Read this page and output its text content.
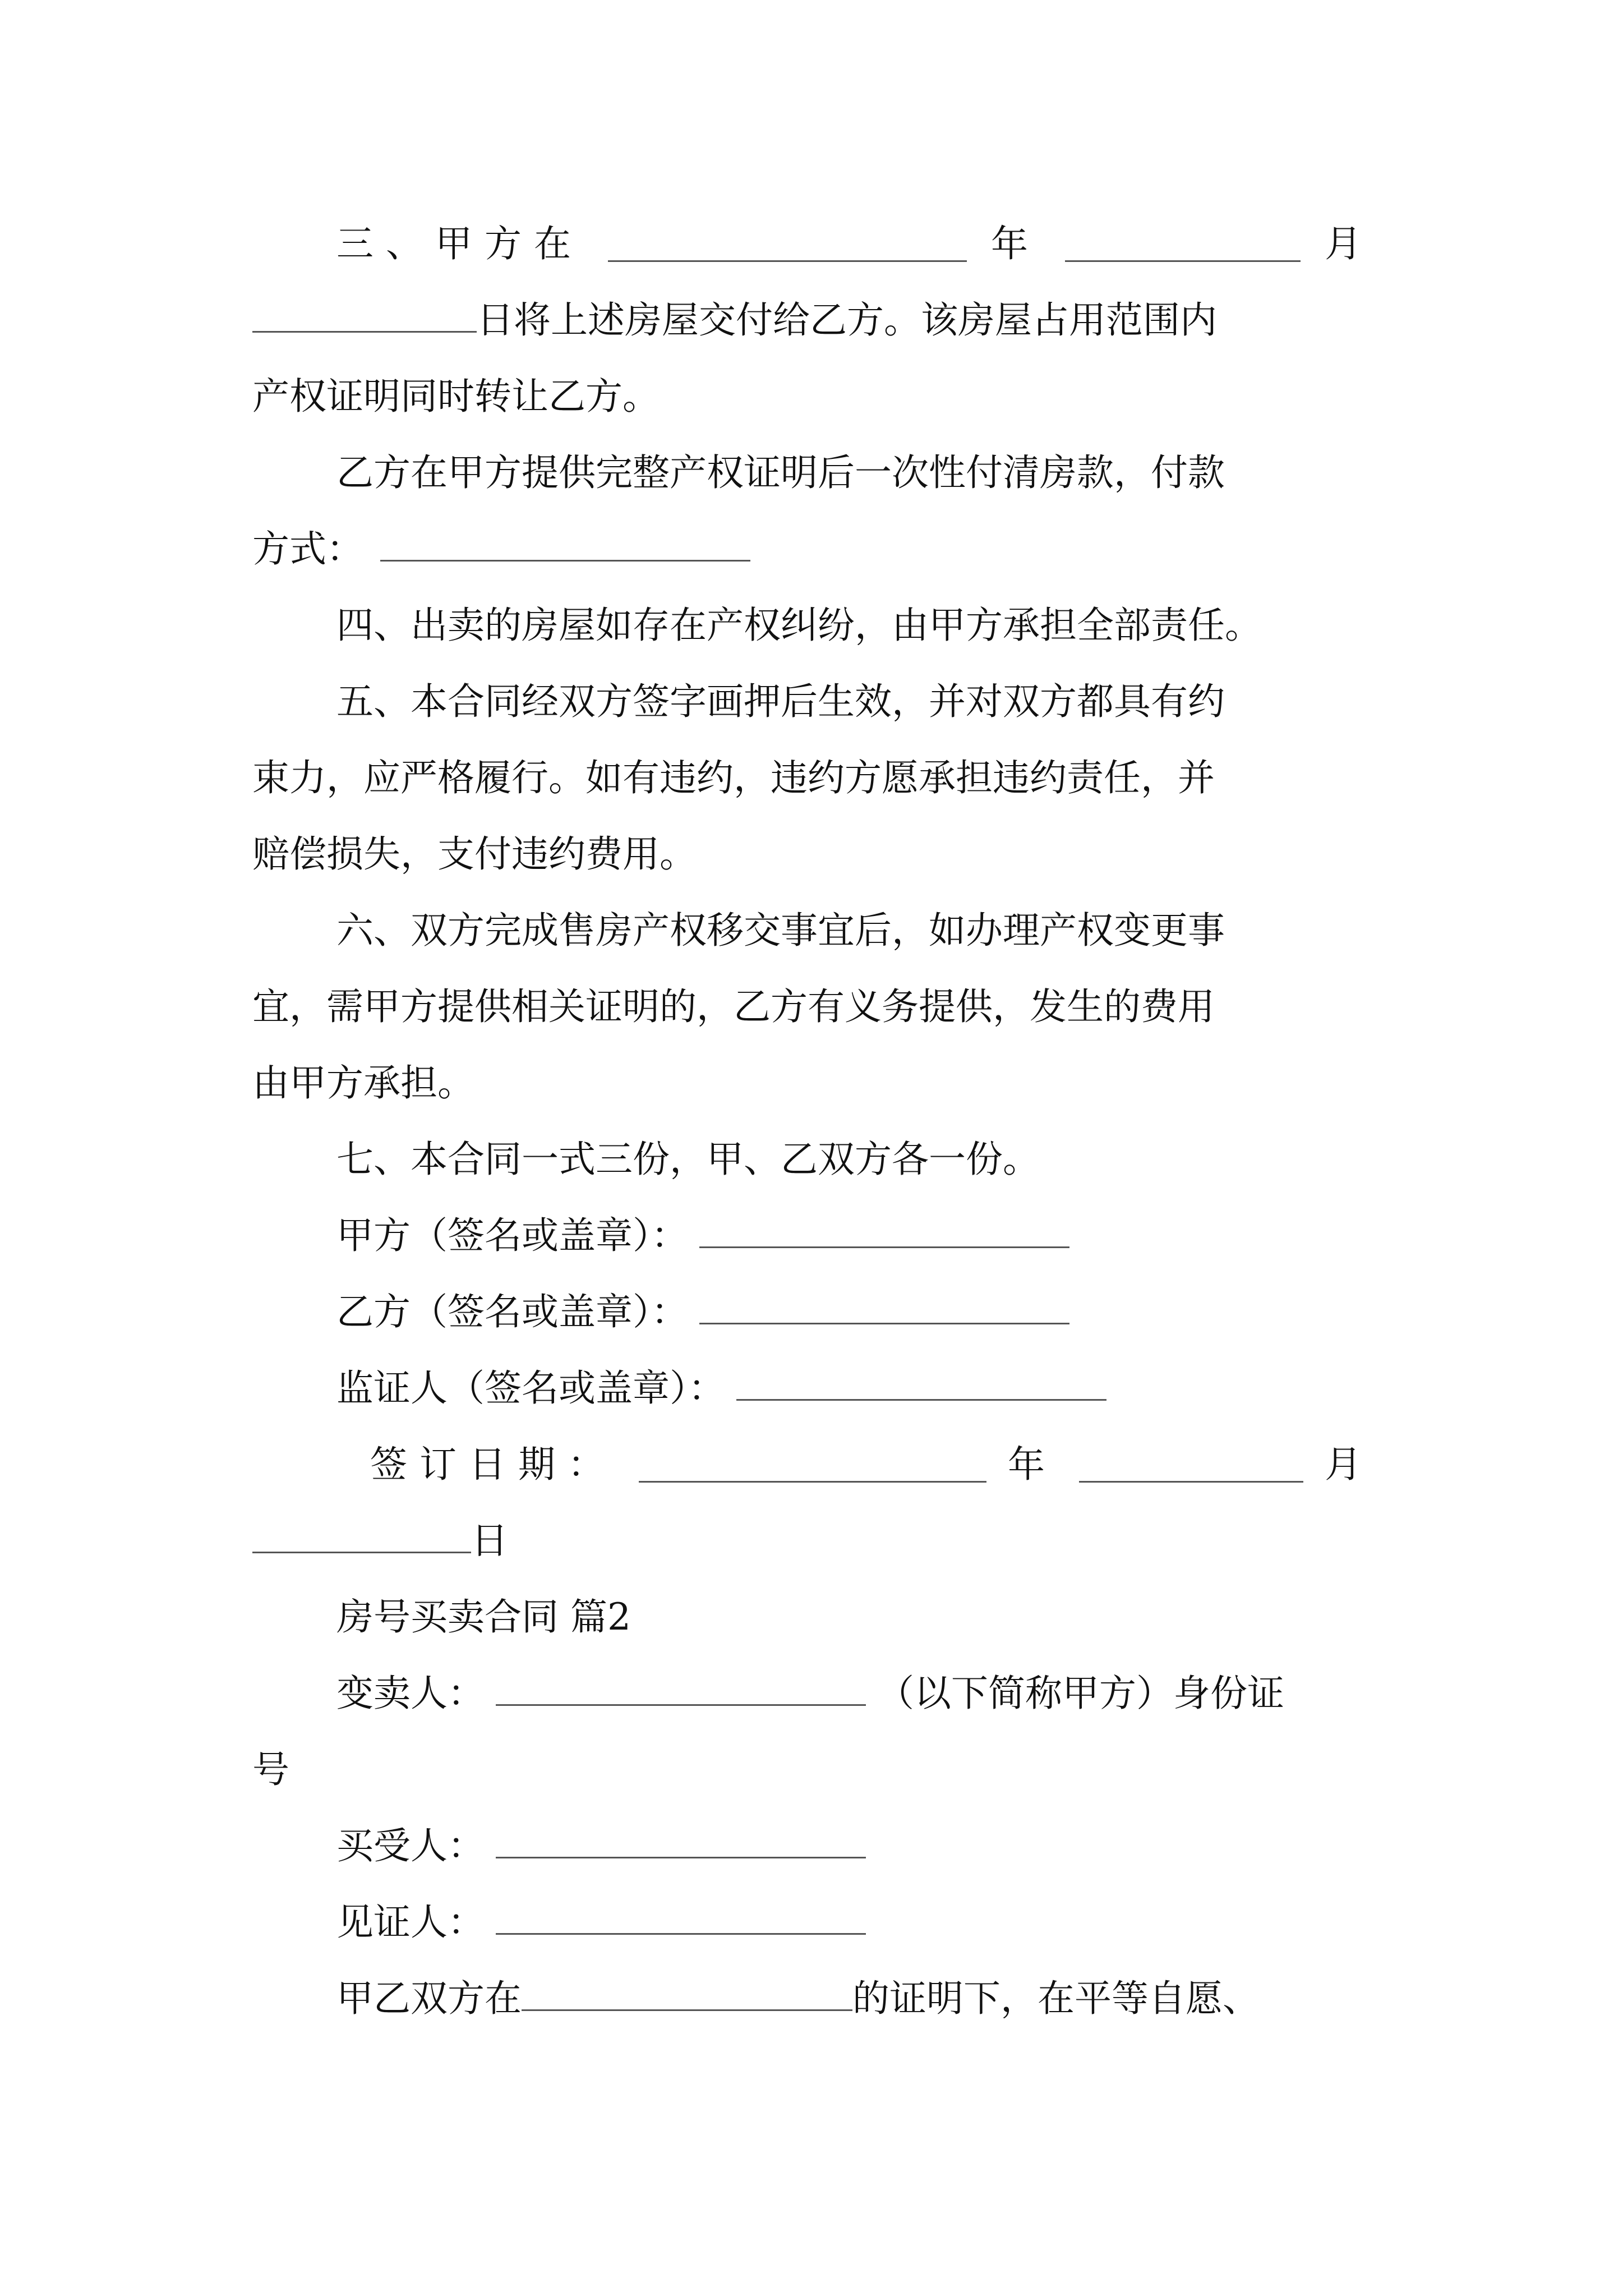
三、甲方在	年	月
日将上述房屋交付给乙方。该房屋占用范围内
产权证明同时转让乙方。
乙方在甲方提供完整产权证明后一次性付清房款，付款
方式：
四、出卖的房屋如存在产权纠纷，由甲方承担全部责任。
五、本合同经双方签字画押后生效，并对双方都具有约
束力，应严格履行。如有违约，违约方愿承担违约责任，并
赔偿损失，支付违约费用。
六、双方完成售房产权移交事宜后，如办理产权变更事
宜，需甲方提供相关证明的，乙方有义务提供，发生的费用
由甲方承担。
七、本合同一式三份，甲、乙双方各一份。
甲方（签名或盖章）：
乙方（签名或盖章）：
监证人（签名或盖章）：
签订日期：	年	月
日
房号买卖合同 篇2
变卖人：	（以下简称甲方）身份证
号
买受人：
见证人：
甲乙双方在	的证明下，在平等自愿、
